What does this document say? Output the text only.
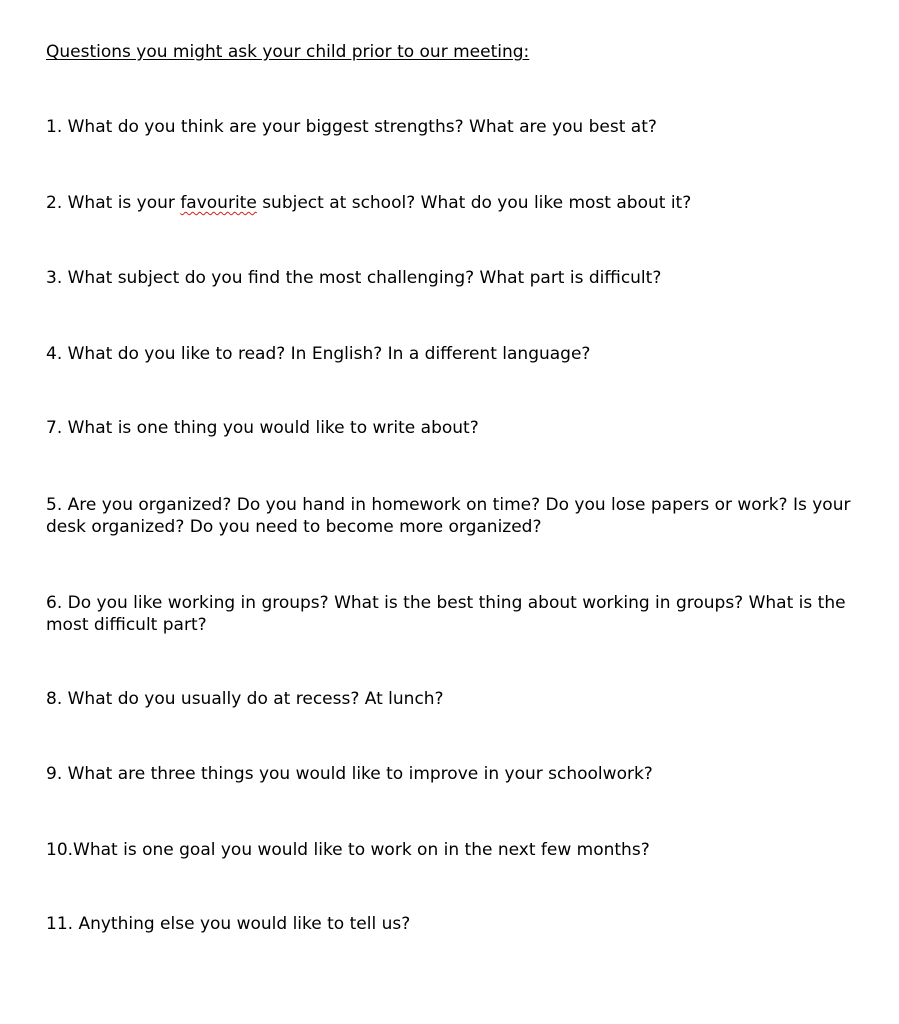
Questions you might ask your child prior to our meeting:
1. What do you think are your biggest strengths? What are you best at?
2. What is your favourite subject at school? What do you like most about it?
3. What subject do you find the most challenging? What part is difficult?
4. What do you like to read? In English? In a different language?
7. What is one thing you would like to write about?
5. Are you organized? Do you hand in homework on time? Do you lose papers or work? Is your desk organized? Do you need to become more organized?
6. Do you like working in groups? What is the best thing about working in groups? What is the most difficult part?
8. What do you usually do at recess? At lunch?
9. What are three things you would like to improve in your schoolwork?
10.What is one goal you would like to work on in the next few months?
11. Anything else you would like to tell us?
